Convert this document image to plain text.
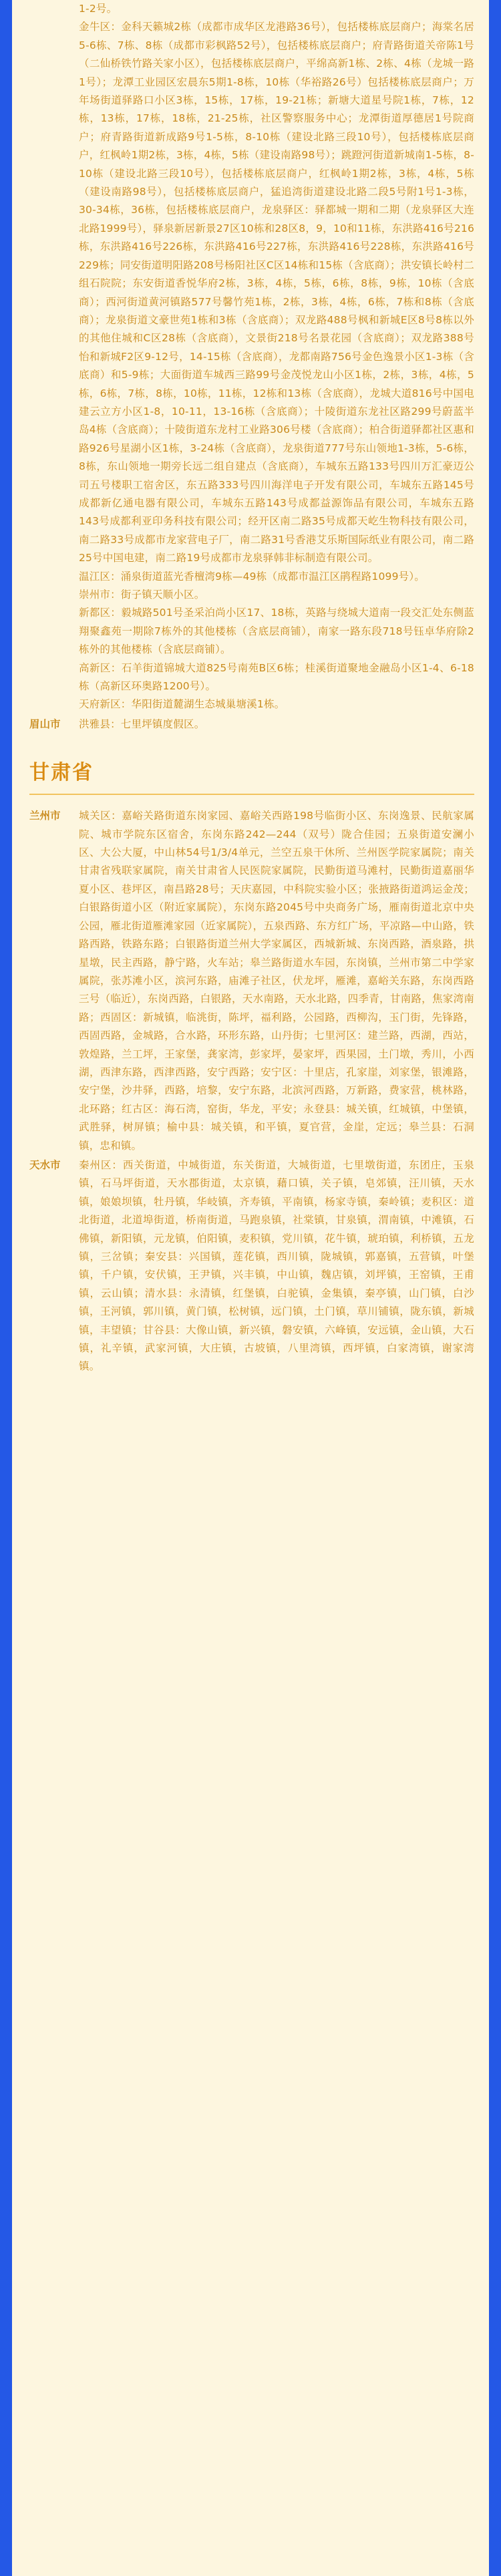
1-2号。
金牛区：金科天籁城2栋（成都市成华区龙港路36号），包括楼栋底层商户；海棠名居5-6栋、7栋、8栋（成都市彩枫路52号），包括楼栋底层商户；府青路街道关帝陈1号（二仙桥铁竹路关家小区），包括楼栋底层商户，平绵高新1栋、2栋、4栋（龙城一路1号）；龙潭工业园区宏晨东5期1-8栋，10栋（华裕路26号）包括楼栋底层商户；万年场街道驿路口小区3栋，15栋，17栋，19-21栋；新塘大道星号院1栋，7栋，12栋，13栋，17栋，18栋，21-25栋，社区警察服务中心；龙潭街道厚德居1号院商户；府青路街道新成路9号1-5栋，8-10栋（建设北路三段10号），包括楼栋底层商户，红枫岭1期2栋，3栋，4栋，5栋（建设南路98号）；跳蹬河街道新城南1-5栋，8-10栋（建设北路三段10号），包括楼栋底层商户，红枫岭1期2栋，3栋，4栋，5栋（建设南路98号），包括楼栋底层商户，猛追湾街道建设北路二段5号附1号1-3栋，30-34栋，36栋，包括楼栋底层商户，龙泉驿区：驿都城一期和二期（龙泉驿区大连北路1999号），驿泉新居新景27区10栋和28区8，9，10和11栋，东洪路416号216栋，东洪路416号226栋，东洪路416号227栋，东洪路416号228栋，东洪路416号229栋；同安街道明阳路208号杨阳社区C区14栋和15栋（含底商）；洪安镇长岭村二组石院院；东安街道香悦华府2栋，3栋，4栋，5栋，6栋，8栋，9栋，10栋（含底商）；西河街道黄河镇路577号馨竹苑1栋，2栋，3栋，4栋，6栋，7栋和8栋（含底商）；龙泉街道文豪世苑1栋和3栋（含底商）；双龙路488号枫和新城E区8号8栋以外的其他住城和C区28栋（含底商），文景街218号名景花园（含底商）；双龙路388号怡和新城F2区9-12号，14-15栋（含底商），龙都南路756号金色逸景小区1-3栋（含底商）和5-9栋；大面街道车城西三路99号金茂悦龙山小区1栋，2栋，3栋，4栋，5栋，6栋，7栋，8栋，10栋，11栋，12栋和13栋（含底商），龙城大道816号中国电建云立方小区1-8，10-11，13-16栋（含底商）；十陵街道东龙社区路299号蔚蓝半岛4栋（含底商）；十陵街道东龙村工业路306号楼（含底商）；柏合街道驿都社区惠和路926号星湖小区1栋，3-24栋（含底商），龙泉街道777号东山领地1-3栋，5-6栋，8栋，东山领地一期旁长远二组自建点（含底商），车城东五路133号四川万汇豪迈公司五号楼职工宿舍区，东五路333号四川海洋电子开发有限公司，车城东五路145号成都新亿通电器有限公司，车城东五路143号成都益源饰品有限公司，车城东五路143号成都利亚印务科技有限公司；经开区南二路35号成都天屹生物科技有限公司，南二路33号成都市龙家营电子厂，南二路31号香港艾乐斯国际纸业有限公司，南二路25号中国电建，南二路19号成都市龙泉驿韩非标制造有限公司。
温江区：涌泉街道蓝光香檀湾9栋—49栋（成都市温江区鹃程路1099号）。
崇州市：街子镇天顺小区。
新都区：毅城路501号圣采泊尚小区17、18栋，英路与绕城大道南一段交汇处东侧蓝翔聚鑫苑一期除7栋外的其他楼栋（含底层商铺），南家一路东段718号钰卓华府除2栋外的其他楼栋（含底层商铺）。
高新区：石羊街道锦城大道825号南苑B区6栋；桂溪街道聚地金融岛小区1-4、6-18栋（高新区环奥路1200号）。
天府新区：华阳街道麓湖生态城巢塘溪1栋。
眉山市	洪雅县：七里坪镇度假区。
甘肃省
兰州市	城关区：嘉峪关路街道东岗家园、嘉峪关西路198号临街小区、东岗逸景、民航家属院、城市学院东区宿舍，东岗东路242—244（双号）陇合佳园；五泉街道安澜小区、大公大厦，中山林54号1/3/4单元，兰空五泉干休所、兰州医学院家属院；南关甘肃省残联家属院，南关甘肃省人民医院家属院，民勤街道马滩村，民勤街道嘉丽华夏小区、巷坪区，南昌路28号；天庆嘉园，中科院实验小区；张掖路街道鸿运金茂；白银路街道小区（附近家属院），东岗东路2045号中央商务广场，雁南街道北京中央公园，雁北街道雁滩家园（近家属院），五泉西路、东方红广场，平凉路—中山路，铁路西路，铁路东路；白银路街道兰州大学家属区，西城新城、东岗西路，酒泉路，拱星墩，民主西路，静宁路，火车站；皋兰路街道水车园，东岗镇，兰州市第二中学家属院，张苏滩小区，滨河东路，庙滩子社区，伏龙坪，雁滩，嘉峪关东路，东岗西路三号（临近），东岗西路，白银路，天水南路，天水北路，四季青，甘南路，焦家湾南路；西固区：新城镇，临洮街，陈坪，福利路，公园路，西柳沟，玉门街，先锋路，西固西路，金城路，合水路，环形东路，山丹街；七里河区：建兰路，西湖，西站，敦煌路，兰工坪，王家堡，龚家湾，彭家坪，晏家坪，西果园，土门墩，秀川，小西湖，西津东路，西津西路，安宁西路；安宁区：十里店，孔家崖，刘家堡，银滩路，安宁堡，沙井驿，西路，培黎，安宁东路，北滨河西路，万新路，费家营，桃林路，北环路；红古区：海石湾，窑街，华龙，平安；永登县：城关镇，红城镇，中堡镇，武胜驿，树屏镇；榆中县：城关镇，和平镇，夏官营，金崖，定远；皋兰县：石洞镇，忠和镇。
天水市	秦州区：西关街道，中城街道，东关街道，大城街道，七里墩街道，东团庄，玉泉镇，石马坪街道，天水郡街道，太京镇，藉口镇，关子镇，皂郊镇，汪川镇，天水镇，娘娘坝镇，牡丹镇，华岐镇，齐寿镇，平南镇，杨家寺镇，秦岭镇；麦积区：道北街道，北道埠街道，桥南街道，马跑泉镇，社棠镇，甘泉镇，渭南镇，中滩镇，石佛镇，新阳镇，元龙镇，伯阳镇，麦积镇，党川镇，花牛镇，琥珀镇，利桥镇，五龙镇，三岔镇；秦安县：兴国镇，莲花镇，西川镇，陇城镇，郭嘉镇，五营镇，叶堡镇，千户镇，安伏镇，王尹镇，兴丰镇，中山镇，魏店镇，刘坪镇，王窑镇，王甫镇，云山镇；清水县：永清镇，红堡镇，白驼镇，金集镇，秦亭镇，山门镇，白沙镇，王河镇，郭川镇，黄门镇，松树镇，远门镇，土门镇，草川铺镇，陇东镇，新城镇，丰望镇；甘谷县：大像山镇，新兴镇，磐安镇，六峰镇，安远镇，金山镇，大石镇，礼辛镇，武家河镇，大庄镇，古坡镇，八里湾镇，西坪镇，白家湾镇，谢家湾镇。
